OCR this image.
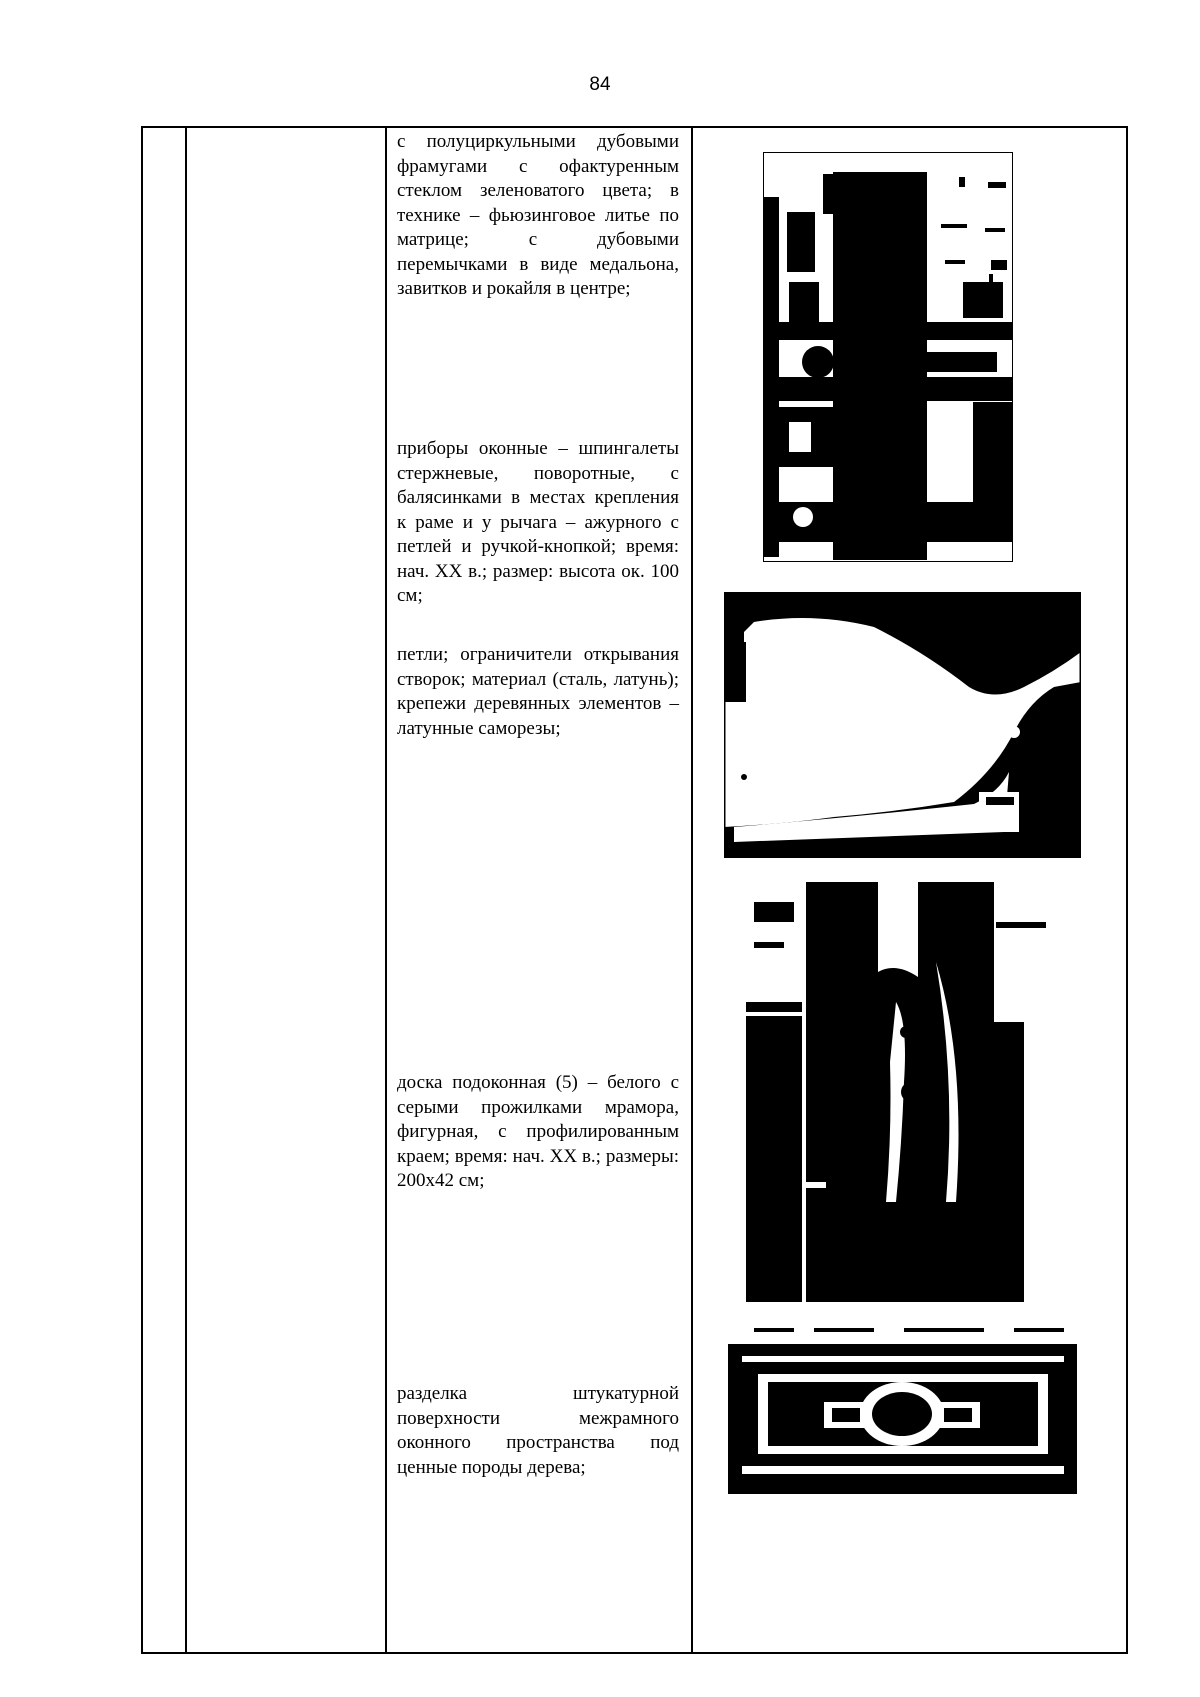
84

с полуциркульными дубовыми фрамугами с офактуренным стеклом зеленоватого цвета; в технике – фьюзинговое литье по матрице; с дубовыми перемычками в виде медальона, завитков и рокайля в центре;
приборы оконные – шпингалеты стержневые, поворотные, с балясинками в местах крепления к раме и у рычага – ажурного с петлей и ручкой-кнопкой; время: нач. XX в.; размер: высота ок. 100 см;
петли; ограничители открывания створок; материал (сталь, латунь); крепежи деревянных элементов – латунные саморезы;
доска подоконная (5) – белого с серыми прожилками мрамора, фигурная, с профилированным краем; время: нач. XX в.; размеры: 200х42 см;
разделка штукатурной поверхности межрамного оконного пространства под ценные породы дерева;
